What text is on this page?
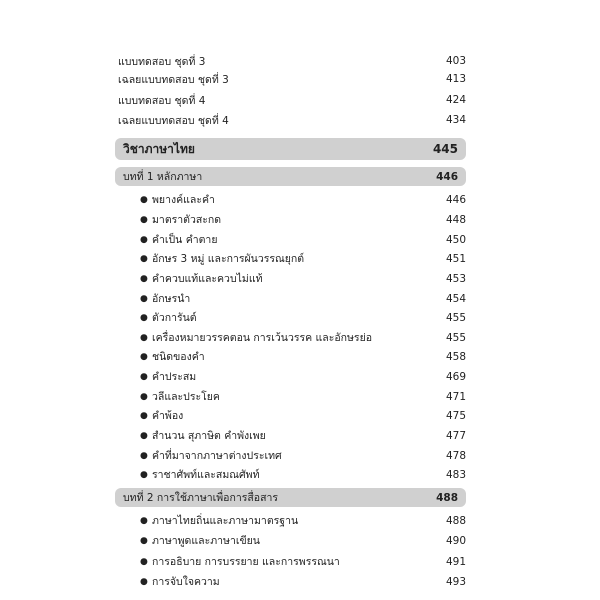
แบบทดสอบ ชุดที่ 3	403
เฉลยแบบทดสอบ ชุดที่ 3	413
แบบทดสอบ ชุดที่ 4	424
เฉลยแบบทดสอบ ชุดที่ 4	434
วิชาภาษาไทย	445
บทที่ 1 หลักภาษา	446
● พยางค์และคำ	446
● มาตราตัวสะกด	448
● คำเป็น คำตาย	450
● อักษร 3 หมู่ และการผันวรรณยุกต์	451
● คำควบแท้และควบไม่แท้	453
● อักษรนำ	454
● ตัวการันต์	455
● เครื่องหมายวรรคตอน การเว้นวรรค และอักษรย่อ	455
● ชนิดของคำ	458
● คำประสม	469
● วลีและประโยค	471
● คำพ้อง	475
● สำนวน สุภาษิต คำพังเพย	477
● คำที่มาจากภาษาต่างประเทศ	478
● ราชาศัพท์และสมณศัพท์	483
บทที่ 2 การใช้ภาษาเพื่อการสื่อสาร	488
● ภาษาไทยถิ่นและภาษามาตรฐาน	488
● ภาษาพูดและภาษาเขียน	490
● การอธิบาย การบรรยาย และการพรรณนา	491
● การจับใจความ	493
